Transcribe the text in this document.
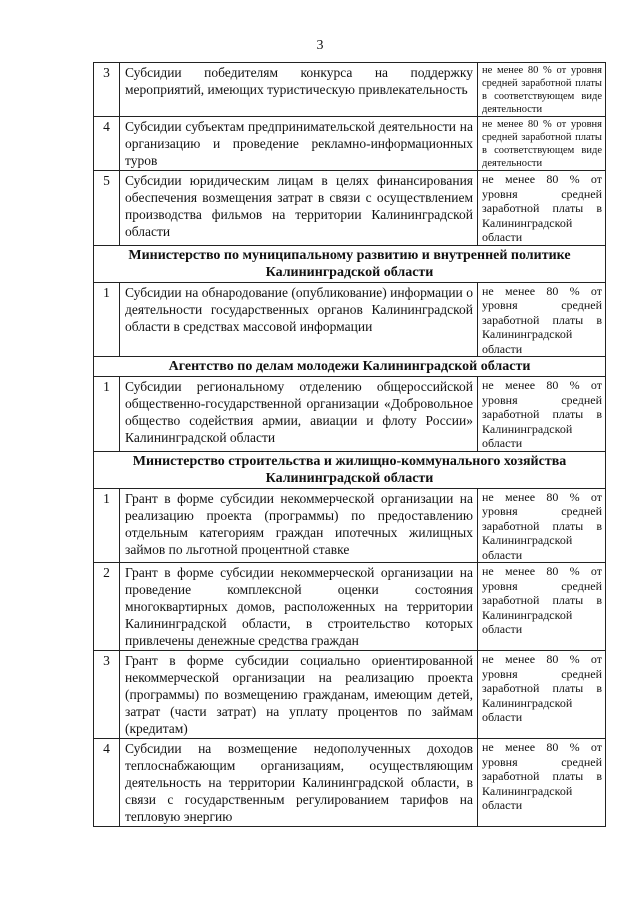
3
3	Субсидии победителям конкурса на поддержку мероприятий, имеющих туристическую привлекательность	не менее 80 % от уровня средней заработной платы в соответствующем виде деятельности
4	Субсидии субъектам предпринимательской деятельности на организацию и проведение рекламно-информационных туров	не менее 80 % от уровня средней заработной платы в соответствующем виде деятельности
5	Субсидии юридическим лицам в целях финансирования обеспечения возмещения затрат в связи с осуществлением производства фильмов на территории Калининградской области	не менее 80 % от уровня средней заработной платы в Калининградской области
Министерство по муниципальному развитию и внутренней политике Калининградской области		
1	Субсидии на обнародование (опубликование) информации о деятельности государственных органов Калининградской области в средствах массовой информации	не менее 80 % от уровня средней заработной платы в Калининградской области
Агентство по делам молодежи Калининградской области		
1	Субсидии региональному отделению общероссийской общественно-государственной организации «Добровольное общество содействия армии, авиации и флоту России» Калининградской области	не менее 80 % от уровня средней заработной платы в Калининградской области
Министерство строительства и жилищно-коммунального хозяйства Калининградской области		
1	Грант в форме субсидии некоммерческой организации на реализацию проекта (программы) по предоставлению отдельным категориям граждан ипотечных жилищных займов по льготной процентной ставке	не менее 80 % от уровня средней заработной платы в Калининградской области
2	Грант в форме субсидии некоммерческой организации на проведение комплексной оценки состояния многоквартирных домов, расположенных на территории Калининградской области, в строительство которых привлечены денежные средства граждан	не менее 80 % от уровня средней заработной платы в Калининградской области
3	Грант в форме субсидии социально ориентированной некоммерческой организации на реализацию проекта (программы) по возмещению гражданам, имеющим детей, затрат (части затрат) на уплату процентов по займам (кредитам)	не менее 80 % от уровня средней заработной платы в Калининградской области
4	Субсидии на возмещение недополученных доходов теплоснабжающим организациям, осуществляющим деятельность на территории Калининградской области, в связи с государственным регулированием тарифов на тепловую энергию	не менее 80 % от уровня средней заработной платы в Калининградской области
